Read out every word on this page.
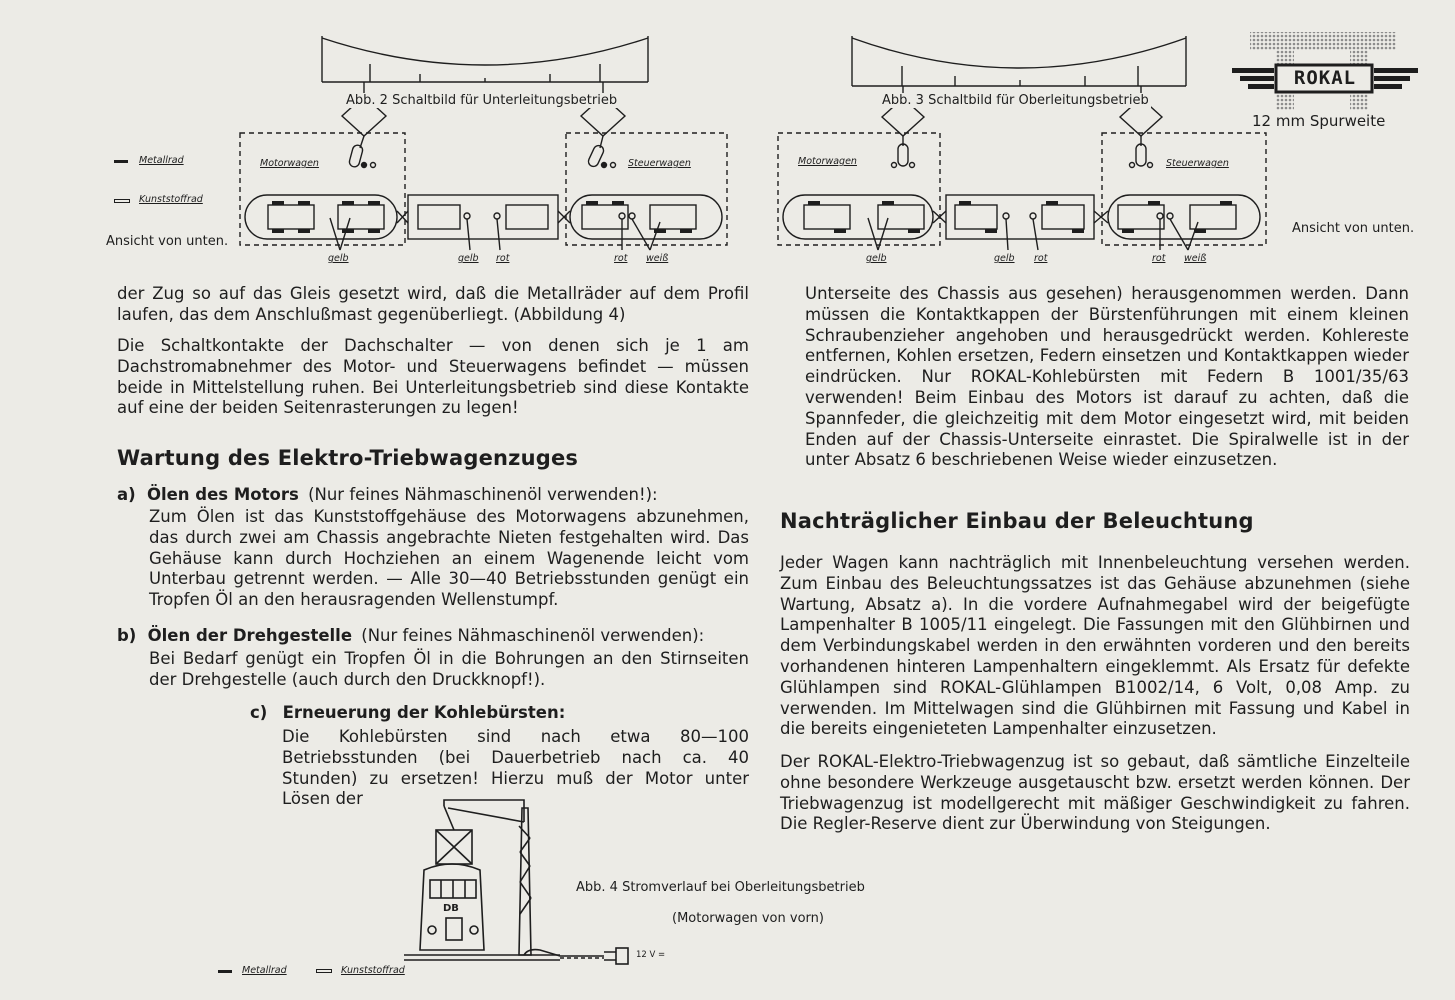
Abb. 2 Schaltbild für Unterleitungsbetrieb
Motorwagen	Steuerwagen
gelb	gelb rot	rot weiß
Metallrad
Kunststoffrad
Ansicht von unten.
Abb. 3 Schaltbild für Oberleitungsbetrieb
Motorwagen	Steuerwagen
gelb	gelb rot	rot weiß
Ansicht von unten.
ROKAL
12 mm Spurweite

der Zug so auf das Gleis gesetzt wird, daß die Metallräder auf dem Profil laufen, das dem Anschlußmast gegenüberliegt. (Abbildung 4)

Die Schaltkontakte der Dachschalter — von denen sich je 1 am Dachstromabnehmer des Motor- und Steuerwagens befindet — müssen beide in Mittelstellung ruhen. Bei Unterleitungsbetrieb sind diese Kontakte auf eine der beiden Seitenrasterungen zu legen!

Wartung des Elektro-Triebwagenzuges
a) Ölen des Motors (Nur feines Nähmaschinenöl verwenden!):

Zum Ölen ist das Kunststoffgehäuse des Motorwagens abzunehmen, das durch zwei am Chassis angebrachte Nieten festgehalten wird. Das Gehäuse kann durch Hochziehen an einem Wagenende leicht vom Unterbau getrennt werden. — Alle 30—40 Betriebsstunden genügt ein Tropfen Öl an den herausragenden Wellenstumpf.

b) Ölen der Drehgestelle (Nur feines Nähmaschinenöl verwenden):

Bei Bedarf genügt ein Tropfen Öl in die Bohrungen an den Stirnseiten der Drehgestelle (auch durch den Druckknopf!).

c) Erneuerung der Kohlebürsten:

Die Kohlebürsten sind nach etwa 80—100 Betriebsstunden (bei Dauerbetrieb nach ca. 40 Stunden) zu ersetzen! Hierzu muß der Motor unter Lösen der

DB
12 V =
Abb. 4 Stromverlauf bei Oberleitungsbetrieb
(Motorwagen von vorn)
Metallrad	Kunststoffrad

Unterseite des Chassis aus gesehen) herausgenommen werden. Dann müssen die Kontaktkappen der Bürstenführungen mit einem kleinen Schraubenzieher angehoben und herausgedrückt werden. Kohlereste entfernen, Kohlen ersetzen, Federn einsetzen und Kontaktkappen wieder eindrücken. Nur ROKAL-Kohlebürsten mit Federn B 1001/35/63 verwenden! Beim Einbau des Motors ist darauf zu achten, daß die Spannfeder, die gleichzeitig mit dem Motor eingesetzt wird, mit beiden Enden auf der Chassis-Unterseite einrastet. Die Spiralwelle ist in der unter Absatz 6 beschriebenen Weise wieder einzusetzen.

Nachträglicher Einbau der Beleuchtung

Jeder Wagen kann nachträglich mit Innenbeleuchtung versehen werden. Zum Einbau des Beleuchtungssatzes ist das Gehäuse abzunehmen (siehe Wartung, Absatz a). In die vordere Aufnahmegabel wird der beigefügte Lampenhalter B 1005/11 eingelegt. Die Fassungen mit den Glühbirnen und dem Verbindungskabel werden in den erwähnten vorderen und den bereits vorhandenen hinteren Lampenhaltern eingeklemmt. Als Ersatz für defekte Glühlampen sind ROKAL-Glühlampen B1002/14, 6 Volt, 0,08 Amp. zu verwenden. Im Mittelwagen sind die Glühbirnen mit Fassung und Kabel in die bereits eingenieteten Lampenhalter einzusetzen.

Der ROKAL-Elektro-Triebwagenzug ist so gebaut, daß sämtliche Einzelteile ohne besondere Werkzeuge ausgetauscht bzw. ersetzt werden können. Der Triebwagenzug ist modellgerecht mit mäßiger Geschwindigkeit zu fahren. Die Regler-Reserve dient zur Überwindung von Steigungen.
